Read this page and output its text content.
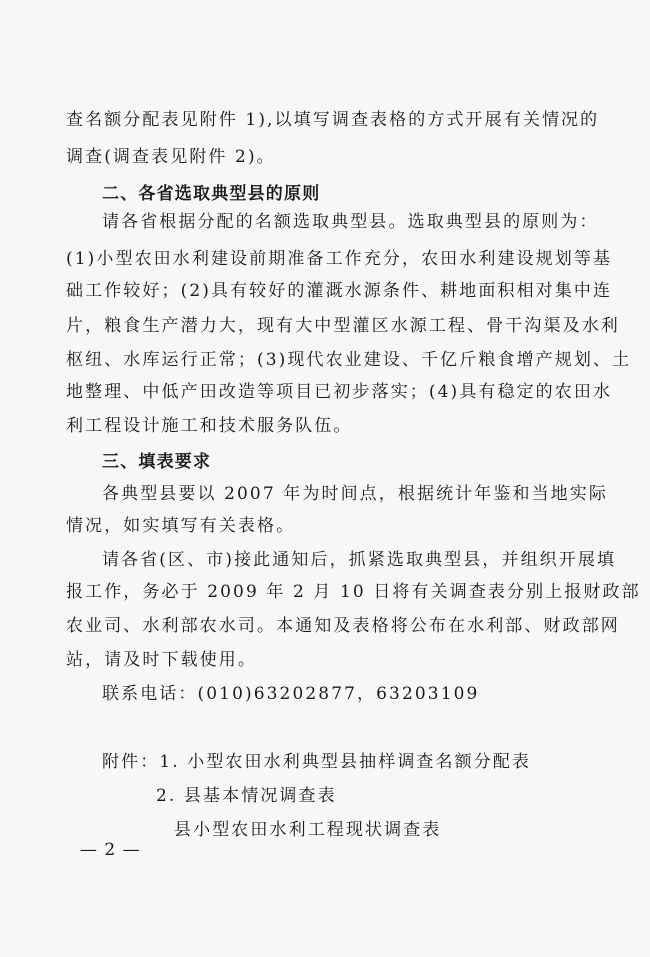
查名额分配表见附件 1),以填写调查表格的方式开展有关情况的
调查(调查表见附件 2)。
二、各省选取典型县的原则
请各省根据分配的名额选取典型县。选取典型县的原则为：
(1)小型农田水利建设前期准备工作充分，农田水利建设规划等基
础工作较好；(2)具有较好的灌溉水源条件、耕地面积相对集中连
片，粮食生产潜力大，现有大中型灌区水源工程、骨干沟渠及水利
枢纽、水库运行正常；(3)现代农业建设、千亿斤粮食增产规划、土
地整理、中低产田改造等项目已初步落实；(4)具有稳定的农田水
利工程设计施工和技术服务队伍。
三、填表要求
各典型县要以 2007 年为时间点，根据统计年鉴和当地实际
情况，如实填写有关表格。
请各省(区、市)接此通知后，抓紧选取典型县，并组织开展填
报工作，务必于 2009 年 2 月 10 日将有关调查表分别上报财政部
农业司、水利部农水司。本通知及表格将公布在水利部、财政部网
站，请及时下载使用。
联系电话：(010)63202877，63203109
附件：1. 小型农田水利典型县抽样调查名额分配表
2. 县基本情况调查表
县小型农田水利工程现状调查表
— 2 —
